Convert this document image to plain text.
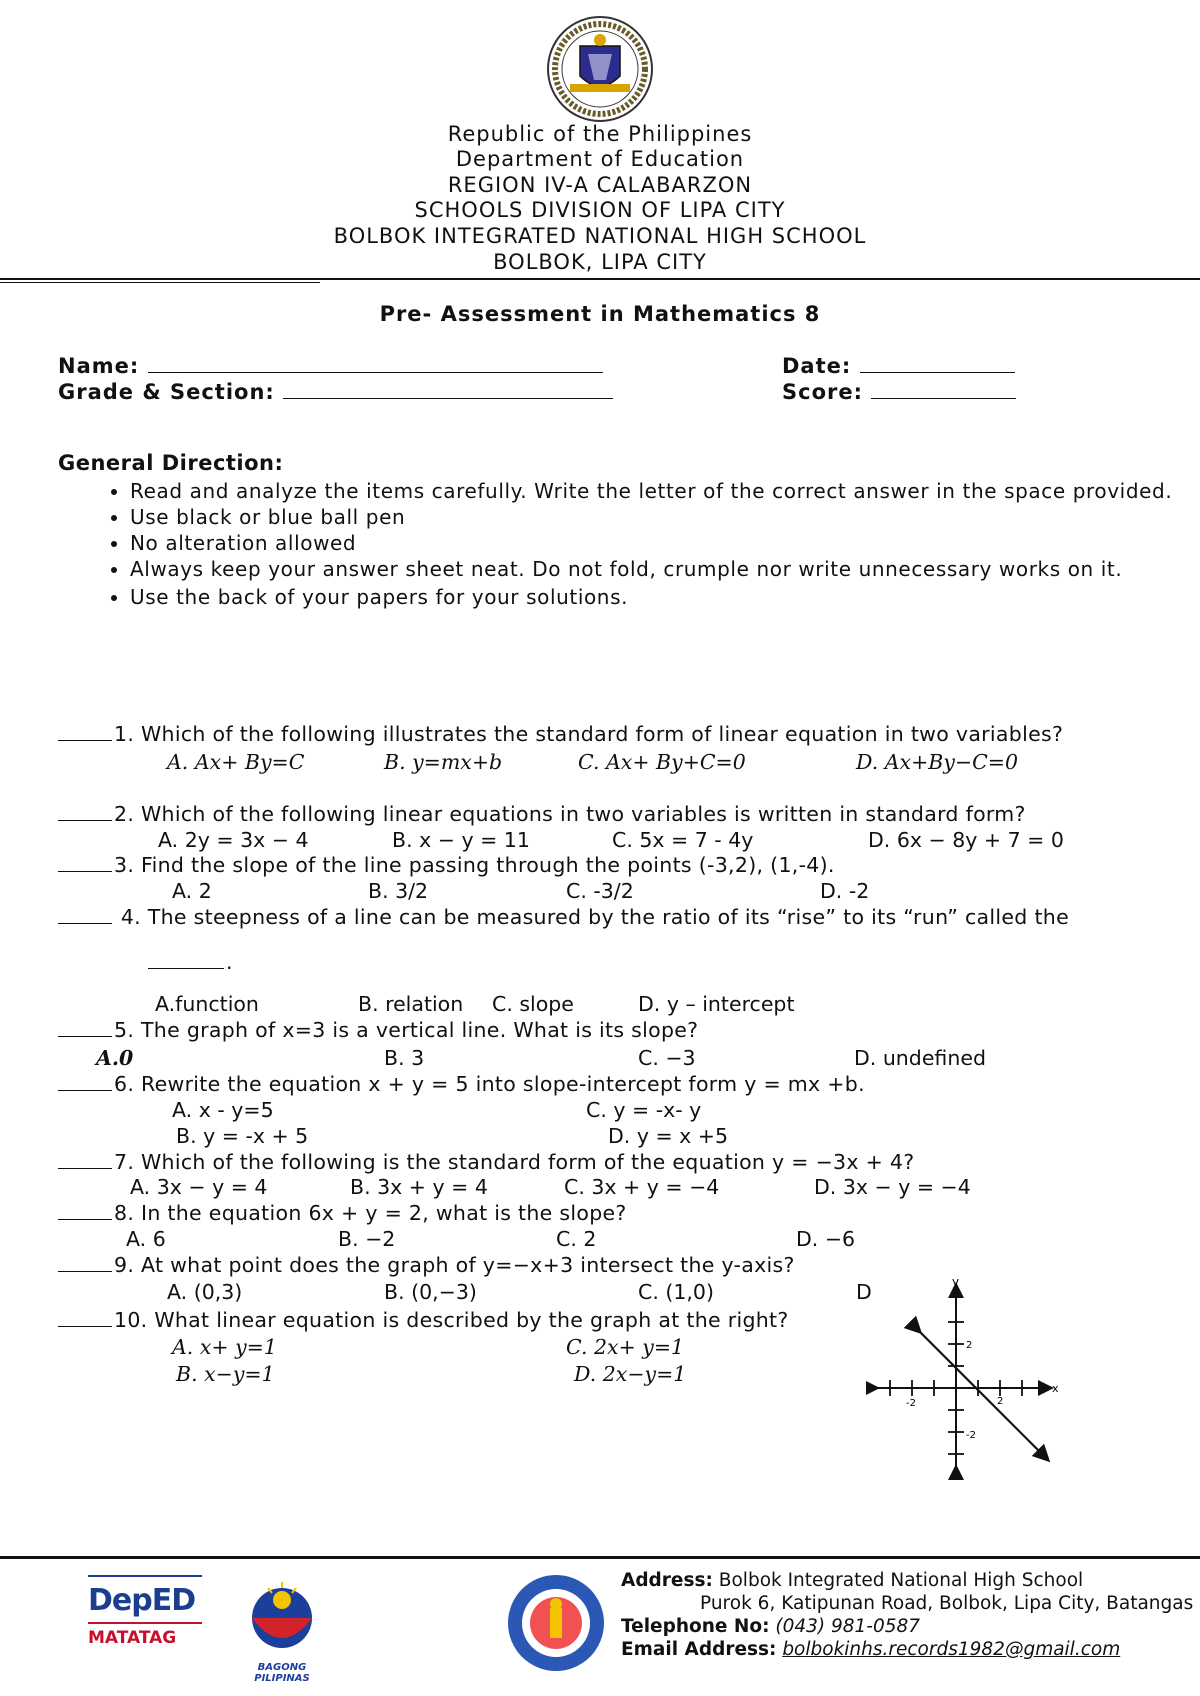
Republic of the Philippines
Department of Education
REGION IV-A CALABARZON
SCHOOLS DIVISION OF LIPA CITY
BOLBOK INTEGRATED NATIONAL HIGH SCHOOL
BOLBOK, LIPA CITY
Pre- Assessment in Mathematics 8
Name:	Date:
Grade & Section:	Score:
General Direction:
• Read and analyze the items carefully. Write the letter of the correct answer in the space provided.
• Use black or blue ball pen
• No alteration allowed
• Always keep your answer sheet neat. Do not fold, crumple nor write unnecessary works on it.
• Use the back of your papers for your solutions.
1. Which of the following illustrates the standard form of linear equation in two variables?
A. Ax+ By=C	B. y=mx+b	C. Ax+ By+C=0	D. Ax+By−C=0
2. Which of the following linear equations in two variables is written in standard form?
A. 2y = 3x − 4	B. x − y = 11	C. 5x = 7 - 4y	D. 6x − 8y + 7 = 0
3. Find the slope of the line passing through the points (-3,2), (1,-4).
A. 2	B. 3/2	C. -3/2	D. -2
4. The steepness of a line can be measured by the ratio of its “rise” to its “run” called the
.
A.function	B. relation C. slope	D. y – intercept
5. The graph of x=3 is a vertical line. What is its slope?
A.0	B. 3	C. −3	D. undefined
6. Rewrite the equation x + y = 5 into slope-intercept form y = mx +b.
A. x - y=5	C. y = -x- y
B. y = -x + 5	D. y = x +5
7. Which of the following is the standard form of the equation y = −3x + 4?
A. 3x − y = 4	B. 3x + y = 4	C. 3x + y = −4	D. 3x − y = −4
8. In the equation 6x + y = 2, what is the slope?
A. 6	B. −2	C. 2	D. −6
9. At what point does the graph of y=−x+3 intersect the y-axis?
A. (0,3)	B. (0,−3)	C. (1,0)	D
10. What linear equation is described by the graph at the right?
A. x+ y=1	C. 2x+ y=1
B. x−y=1	D. 2x−y=1
y
x
2
-2	2
-2
DepED
MATATAG
BAGONG PILIPINAS
Address: Bolbok Integrated National High School
Purok 6, Katipunan Road, Bolbok, Lipa City, Batangas
Telephone No: (043) 981-0587
Email Address: bolbokinhs.records1982@gmail.com
